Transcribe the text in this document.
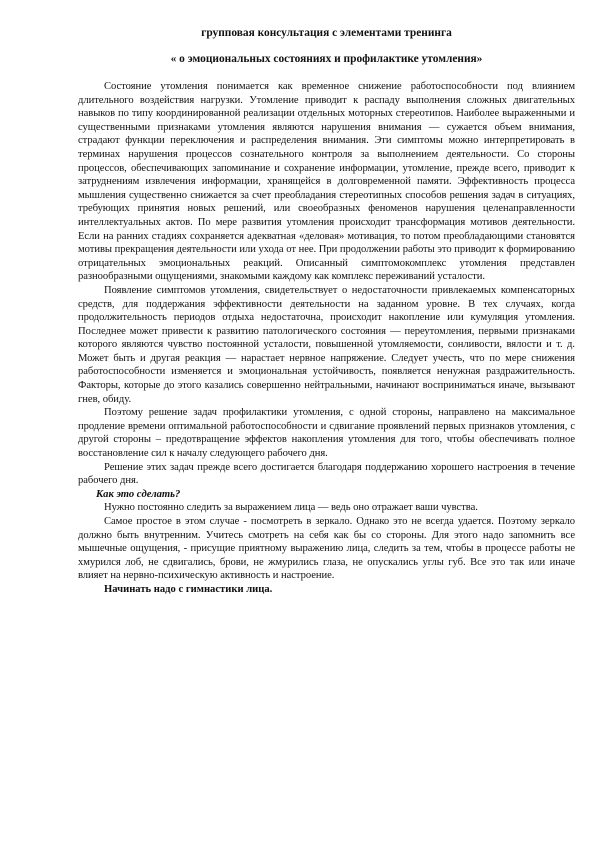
групповая консультация с элементами тренинга

« о эмоциональных состояниях и профилактике утомления»

Состояние утомления понимается как временное снижение работоспособности под влиянием длительного воздействия нагрузки. Утомление приводит к распаду выполнения сложных двигательных навыков по типу координированной реализации отдельных моторных стереотипов. Наиболее выраженными и существенными признаками утомления являются нарушения внимания — сужается объем внимания, страдают функции переключения и распределения внимания. Эти симптомы можно интерпретировать в терминах нарушения процессов сознательного контроля за выполнением деятельности. Со стороны процессов, обеспечивающих запоминание и сохранение информации, утомление, прежде всего, приводит к затруднениям извлечения информации, хранящейся в долговременной памяти. Эффективность процесса мышления существенно снижается за счет преобладания стереотипных способов решения задач в ситуациях, требующих принятия новых решений, или своеобразных феноменов нарушения целенаправленности интеллектуальных актов. По мере развития утомления происходит трансформация мотивов деятельности. Если на ранних стадиях сохраняется адекватная «деловая» мотивация, то потом преобладающими становятся мотивы прекращения деятельности или ухода от нее. При продолжении работы это приводит к формированию отрицательных эмоциональных реакций. Описанный симптомокомплекс утомления представлен разнообразными ощущениями, знакомыми каждому как комплекс переживаний усталости.

Появление симптомов утомления, свидетельствует о недостаточности привлекаемых компенсаторных средств, для поддержания эффективности деятельности на заданном уровне. В тех случаях, когда продолжительность периодов отдыха недостаточна, происходит накопление или кумуляция утомления. Последнее может привести к развитию патологического состояния — переутомления, первыми признаками которого являются чувство постоянной усталости, повышенной утомляемости, сонливости, вялости и т. д. Может быть и другая реакция — нарастает нервное напряжение. Следует учесть, что по мере снижения работоспособности изменяется и эмоциональная устойчивость, появляется ненужная раздражительность. Факторы, которые до этого казались совершенно нейтральными, начинают восприниматься иначе, вызывают гнев, обиду.

Поэтому решение задач профилактики утомления, с одной стороны, направлено на максимальное продление времени оптимальной работоспособности и сдвигание проявлений первых признаков утомления, с другой стороны – предотвращение эффектов накопления утомления для того, чтобы обеспечивать полное восстановление сил к началу следующего рабочего дня.

Решение этих задач прежде всего достигается благодаря поддержанию хорошего настроения в течение рабочего дня.

Как это сделать?

Нужно постоянно следить за выражением лица — ведь оно отражает ваши чувства.

Самое простое в этом случае - посмотреть в зеркало. Однако это не всегда удается. Поэтому зеркало должно быть внутренним. Учитесь смотреть на себя как бы со стороны. Для этого надо запомнить все мышечные ощущения, - присущие приятному выражению лица, следить за тем, чтобы в процессе работы не хмурился лоб, не сдвигались, брови, не жмурились глаза, не опускались углы губ. Все это так или иначе влияет на нервно-психическую активность и настроение.

Начинать надо с гимнастики лица.
